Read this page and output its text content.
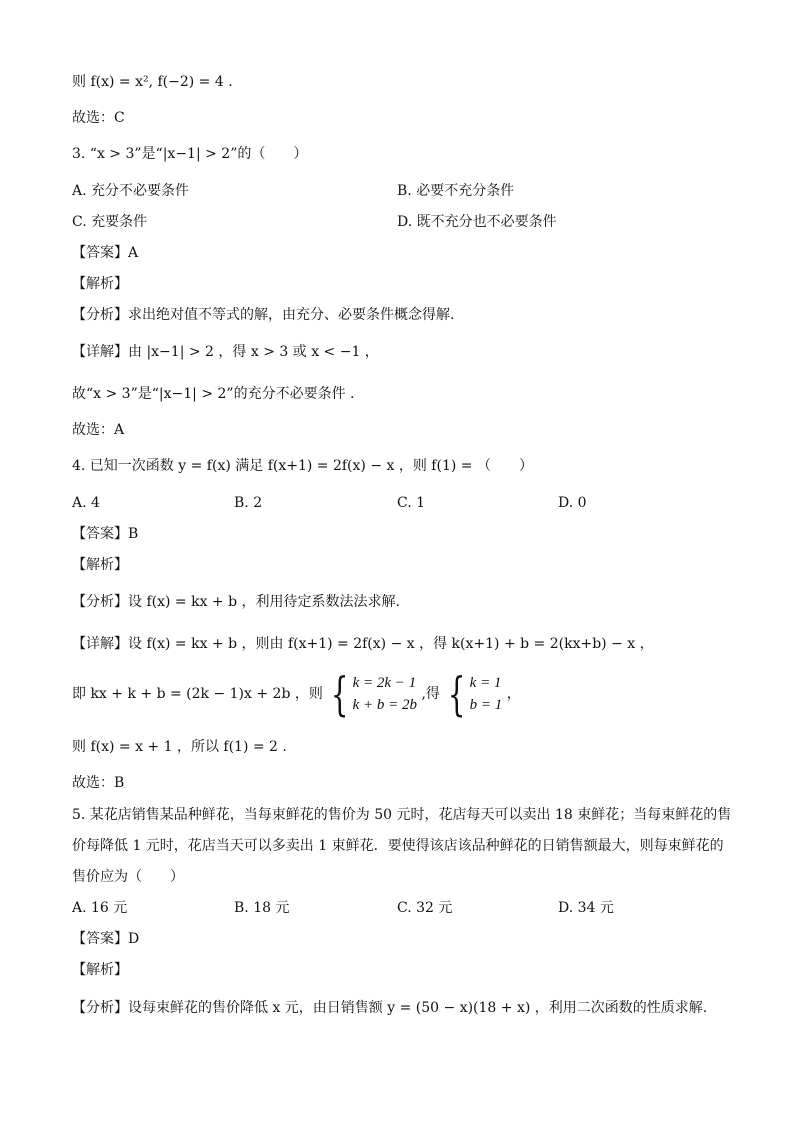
则 f(x) = x², f(−2) = 4 .
故选：C
3. “x > 3”是“|x−1| > 2”的（　　）
A. 充分不必要条件	B. 必要不充分条件
C. 充要条件	D. 既不充分也不必要条件
【答案】A
【解析】
【分析】求出绝对值不等式的解，由充分、必要条件概念得解.
【详解】由 |x−1| > 2 ，得 x > 3 或 x < −1 ，
故“x > 3”是“|x−1| > 2”的充分不必要条件 .
故选：A
4. 已知一次函数 y = f(x) 满足 f(x+1) = 2f(x) − x ，则 f(1) = （　　）
A. 4	B. 2	C. 1	D. 0
【答案】B
【解析】
【分析】设 f(x) = kx + b ，利用待定系数法法求解.
【详解】设 f(x) = kx + b ，则由 f(x+1) = 2f(x) − x ，得 k(x+1) + b = 2(kx+b) − x ，
即 kx + k + b = (2k − 1)x + 2b ，则 { k = 2k − 1
k + b = 2b
,得 { k = 1
b = 1
，
则 f(x) = x + 1 ，所以 f(1) = 2 .
故选：B
5. 某花店销售某品种鲜花，当每束鲜花的售价为 50 元时，花店每天可以卖出 18 束鲜花；当每束鲜花的售
价每降低 1 元时，花店当天可以多卖出 1 束鲜花．要使得该店该品种鲜花的日销售额最大，则每束鲜花的
售价应为（　　）
A. 16 元	B. 18 元	C. 32 元	D. 34 元
【答案】D
【解析】
【分析】设每束鲜花的售价降低 x 元，由日销售额 y = (50 − x)(18 + x) ，利用二次函数的性质求解.
